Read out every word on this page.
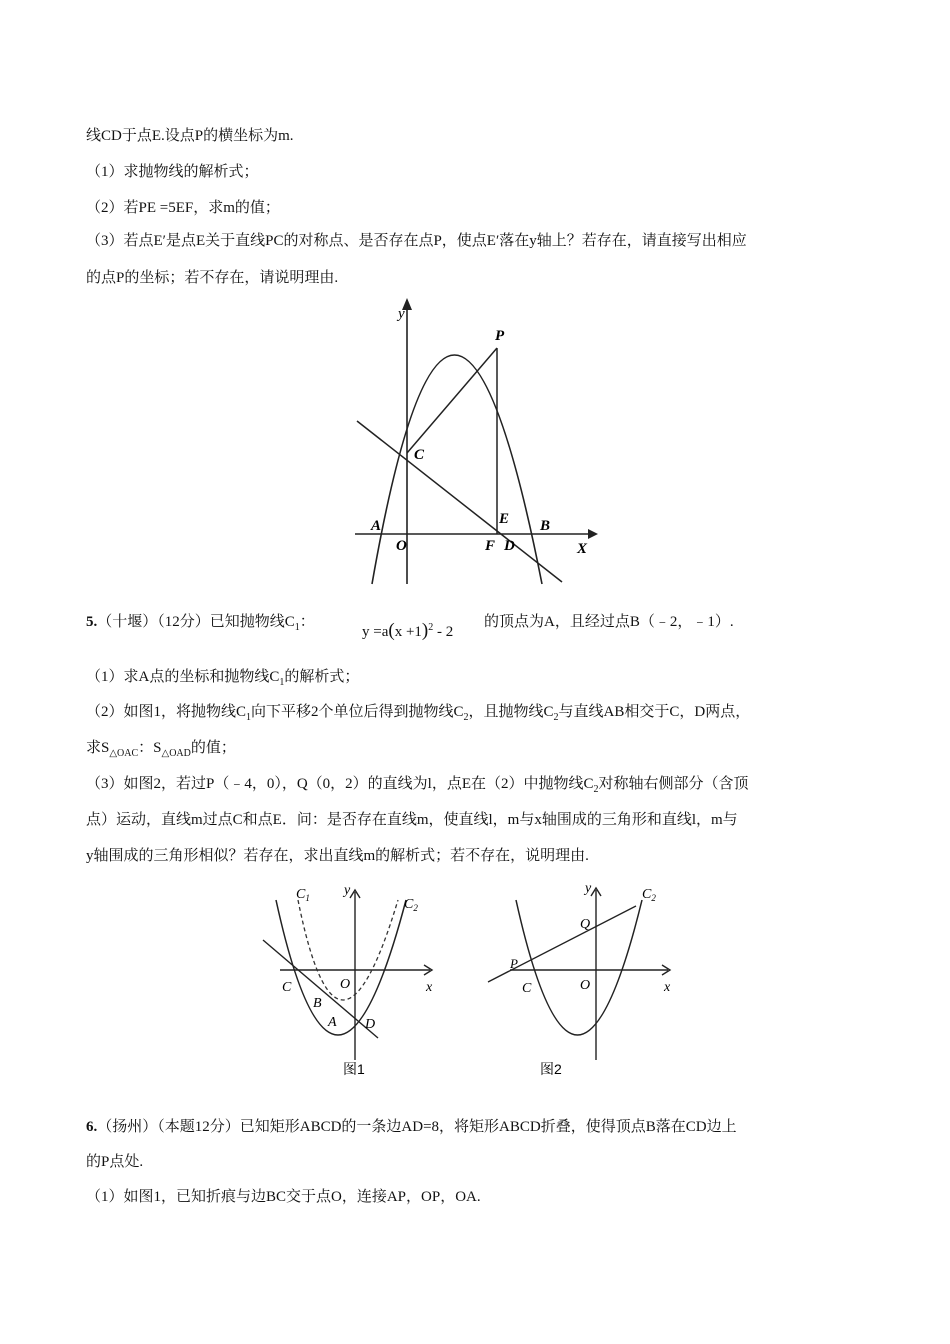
线CD于点E.设点P的横坐标为m.
（1）求抛物线的解析式；
（2）若PE =5EF，求m的值；
（3）若点E′是点E关于直线PC的对称点、是否存在点P，使点E′落在y轴上？若存在，请直接写出相应
的点P的坐标；若不存在，请说明理由.
y
P
C
E
A
O	F D
B
X
5.（十堰）（12分）已知抛物线$C_1$：
$y =a(x +1)^2 - 2$
的顶点为A，且经过点B（﹣2，﹣1）.
（1）求A点的坐标和抛物线$C_1$的解析式；
（2）如图1，将抛物线$C_1$向下平移2个单位后得到抛物线$C_2$，且抛物线$C_2$与直线AB相交于C，D两点，
求$S_{\triangle OAC}$：$S_{\triangle OAD}$的值；
（3）如图2，若过P（﹣4，0），Q（0，2）的直线为l，点E在（2）中抛物线$C_2$对称轴右侧部分（含顶
点）运动，直线m过点C和点E．问：是否存在直线m，使直线l，m与x轴围成的三角形和直线l，m与
y轴围成的三角形相似？若存在，求出直线m的解析式；若不存在，说明理由.
$C_1$ y
$C_2$
C	O	x
B
A D
图1
y	$C_2$
Q
P
C	O	x
图2
6.（扬州）（本题12分）已知矩形ABCD的一条边AD=8，将矩形ABCD折叠，使得顶点B落在CD边上
的P点处.
（1）如图1，已知折痕与边BC交于点O，连接AP，OP，OA.
